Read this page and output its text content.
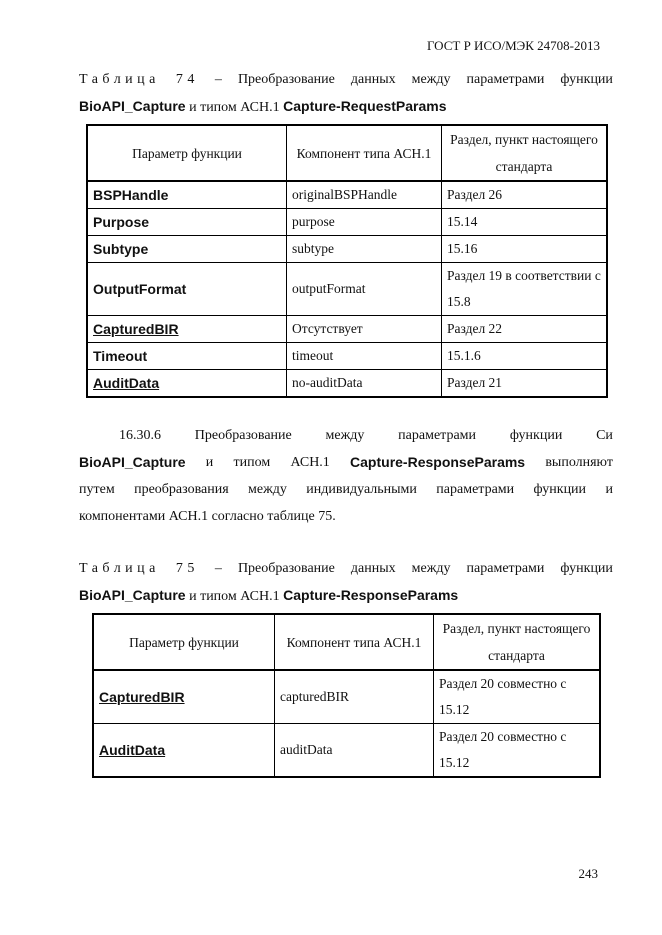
ГОСТ Р ИСО/МЭК 24708-2013
Таблица 74 – Преобразование данных между параметрами функции
BioAPI_Capture и типом АСН.1 Capture-RequestParams
Параметр функции	Компонент типа АСН.1	Раздел, пункт настоящего стандарта
BSPHandle	originalBSPHandle	Раздел 26
Purpose	purpose	15.14
Subtype	subtype	15.16
OutputFormat	outputFormat	Раздел 19 в соответствии с 15.8
CapturedBIR	Отсутствует	Раздел 22
Timeout	timeout	15.1.6
AuditData	no-auditData	Раздел 21
16.30.6 Преобразование между параметрами функции Си
BioAPI_Capture и типом АСН.1 Capture-ResponseParams выполняют
путем преобразования между индивидуальными параметрами функции и
компонентами АСН.1 согласно таблице 75.
Таблица 75 – Преобразование данных между параметрами функции
BioAPI_Capture и типом АСН.1 Capture-ResponseParams
Параметр функции	Компонент типа АСН.1	Раздел, пункт настоящего стандарта
CapturedBIR	capturedBIR	Раздел 20 совместно с 15.12
AuditData	auditData	Раздел 20 совместно с 15.12
243
